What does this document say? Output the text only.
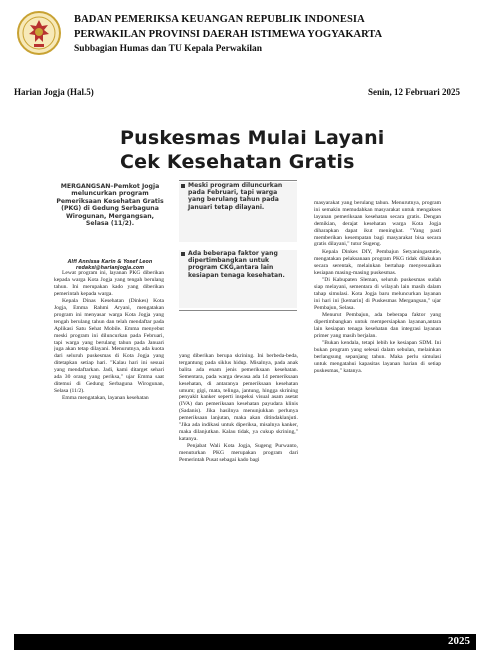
BADAN PEMERIKSA KEUANGAN REPUBLIK INDONESIA
PERWAKILAN PROVINSI DAERAH ISTIMEWA YOGYAKARTA
Subbagian Humas dan TU Kepala Perwakilan
Harian Jogja (Hal.5)	Senin, 12 Februari 2025
Puskesmas Mulai Layani
Cek Kesehatan Gratis
MERGANGSAN–Pemkot Jogja meluncurkan program Pemeriksaan Kesehatan Gratis (PKG) di Gedung Serbaguna Wirogunan, Mergangsan, Selasa (11/2).
Alfi Annissa Karin & Yosef Leon
redaksi@harianjogja.com

Lewat program ini, layanan PKG diberikan kepada warga Kota Jogja yang tengah berulang tahun. Ini merupakan kado yang diberikan pemerintah kepada warga.

Kepala Dinas Kesehatan (Dinkes) Kota Jogja, Emma Rahmi Aryani, mengatakan program ini menyasar warga Kota Jogja yang tengah berulang tahun dan telah mendaftar pada Aplikasi Satu Sehat Mobile. Emma menyebut meski program ini diluncurkan pada Februari, tapi warga yang berulang tahun pada Januari juga akan tetap dilayani. Menurutnya, ada kuota dari seluruh puskesmas di Kota Jogja yang ditetapkan setiap hari. "Kalau hari ini sesuai yang mendaftarkan. Jadi, kami ditarget sehari ada 30 orang yang periksa," ujar Emma saat ditemui di Gedung Serbaguna Wirogunan, Selasa (11/2).

Emma mengatakan, layanan kesehatan

Meski program diluncurkan pada Februari, tapi warga yang berulang tahun pada Januari tetap dilayani.
Ada beberapa faktor yang dipertimbangkan untuk program CKG,antara lain kesiapan tenaga kesehatan.

yang diberikan berupa skrining. Ini berbeda-beda, tergantung pada siklus hidup. Misalnya, pada anak balita ada enam jenis pemeriksaan kesehatan. Sementara, pada warga dewasa ada 14 pemeriksaan kesehatan, di antaranya pemeriksaan kesehatan umum; gigi, mata, telinga, jantung, hingga skrining penyakit kanker seperti inspeksi visual asam asetat (IVA) dan pemeriksaan kesehatan payudara klinis (Sadanis). Jika hasilnya menunjukkan perlunya pemeriksaan lanjutan, maka akan ditindaklanjuti. "Jika ada indikasi untuk diperiksa, misalnya kanker, maka dilanjutkan. Kalau tidak, ya cukup skrining," katanya.

Penjabat Wali Kota Jogja, Sugeng Purwanto, menuturkan PKG merupakan program dari Pemerintah Pusat sebagai kado bagi

masyarakat yang berulang tahun. Menurutnya, program ini semakin memudahkan masyarakat untuk mengakses layanan pemeriksaan kesehatan secara gratis. Dengan demikian, derajat kesehatan warga Kota Jogja diharapkan dapat ikut meningkat. "Yang pasti memberikan kesempatan bagi masyarakat bisa secara gratis dilayani," tutur Sugeng.

Kepala Dinkes DIY, Pembajun Setyaningastutie, mengatakan pelaksanaan program PKG tidak dilakukan secara serentak, melainkan bertahap menyesuaikan kesiapan masing-masing puskesmas.

"Di Kabupaten Sleman, seluruh puskesmas sudah siap melayani, sementara di wilayah lain masih dalam tahap simulasi. Kota Jogja baru meluncurkan layanan ini hari ini [kemarin] di Puskesmas Mergangsan," ujar Pembajun, Selasa.

Menurut Pembajun, ada beberapa faktor yang dipertimbangkan untuk mempersiapkan layanan,antara lain kesiapan tenaga kesehatan dan integrasi layanan primer yang masih berjalan.

"Bukan kendala, tetapi lebih ke kesiapan SDM. Ini bukan program yang selesai dalam sebulan, melainkan berlangsung sepanjang tahun. Maka perlu simulasi untuk mengatahui kapasitas layanan harian di setiap puskesmas," katanya.

2025
